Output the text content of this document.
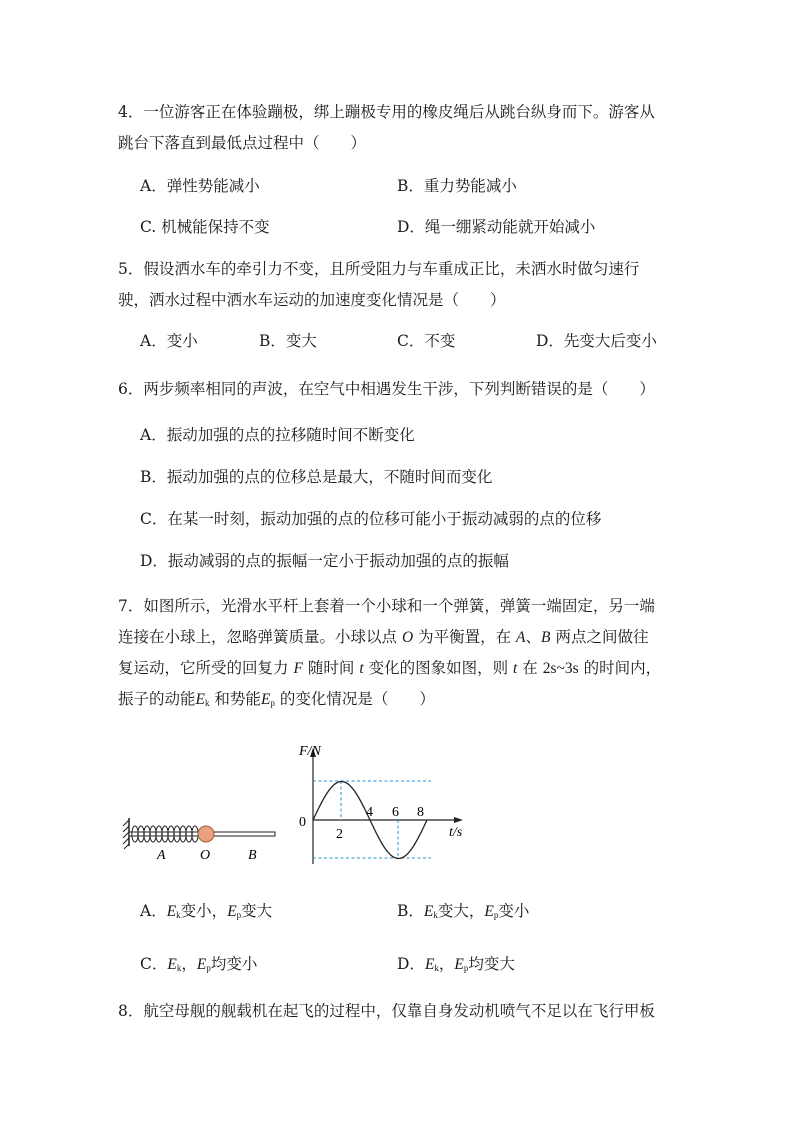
4．一位游客正在体验蹦极，绑上蹦极专用的橡皮绳后从跳台纵身而下。游客从
跳台下落直到最低点过程中（　　）
A．弹性势能减小	B．重力势能减小
C. 机械能保持不变	D．绳一绷紧动能就开始减小
5．假设洒水车的牵引力不变，且所受阻力与车重成正比，未洒水时做匀速行
驶，洒水过程中洒水车运动的加速度变化情况是（　　）
A．变小	B．变大	C．不变	D．先变大后变小
6．两步频率相同的声波，在空气中相遇发生干涉，下列判断错误的是（　　）
A．振动加强的点的拉移随时间不断变化
B．振动加强的点的位移总是最大，不随时间而变化
C．在某一时刻，振动加强的点的位移可能小于振动减弱的点的位移
D．振动减弱的点的振幅一定小于振动加强的点的振幅
7．如图所示，光滑水平杆上套着一个小球和一个弹簧，弹簧一端固定，另一端
连接在小球上，忽略弹簧质量。小球以点 O 为平衡置，在 A、B 两点之间做往
复运动，它所受的回复力 F 随时间 t 变化的图象如图，则 t 在 2s~3s 的时间内，
振子的动能$E_k$ 和势能$E_p$ 的变化情况是（　　）
A O	B
F/N
0
2
4 6 8
t/s
A．$E_k$变小，$E_p$变大	B．$E_k$变大，$E_p$变小
C．$E_k$，$E_p$均变小	D．$E_k$，$E_p$均变大
8．航空母舰的舰载机在起飞的过程中，仅靠自身发动机喷气不足以在飞行甲板
